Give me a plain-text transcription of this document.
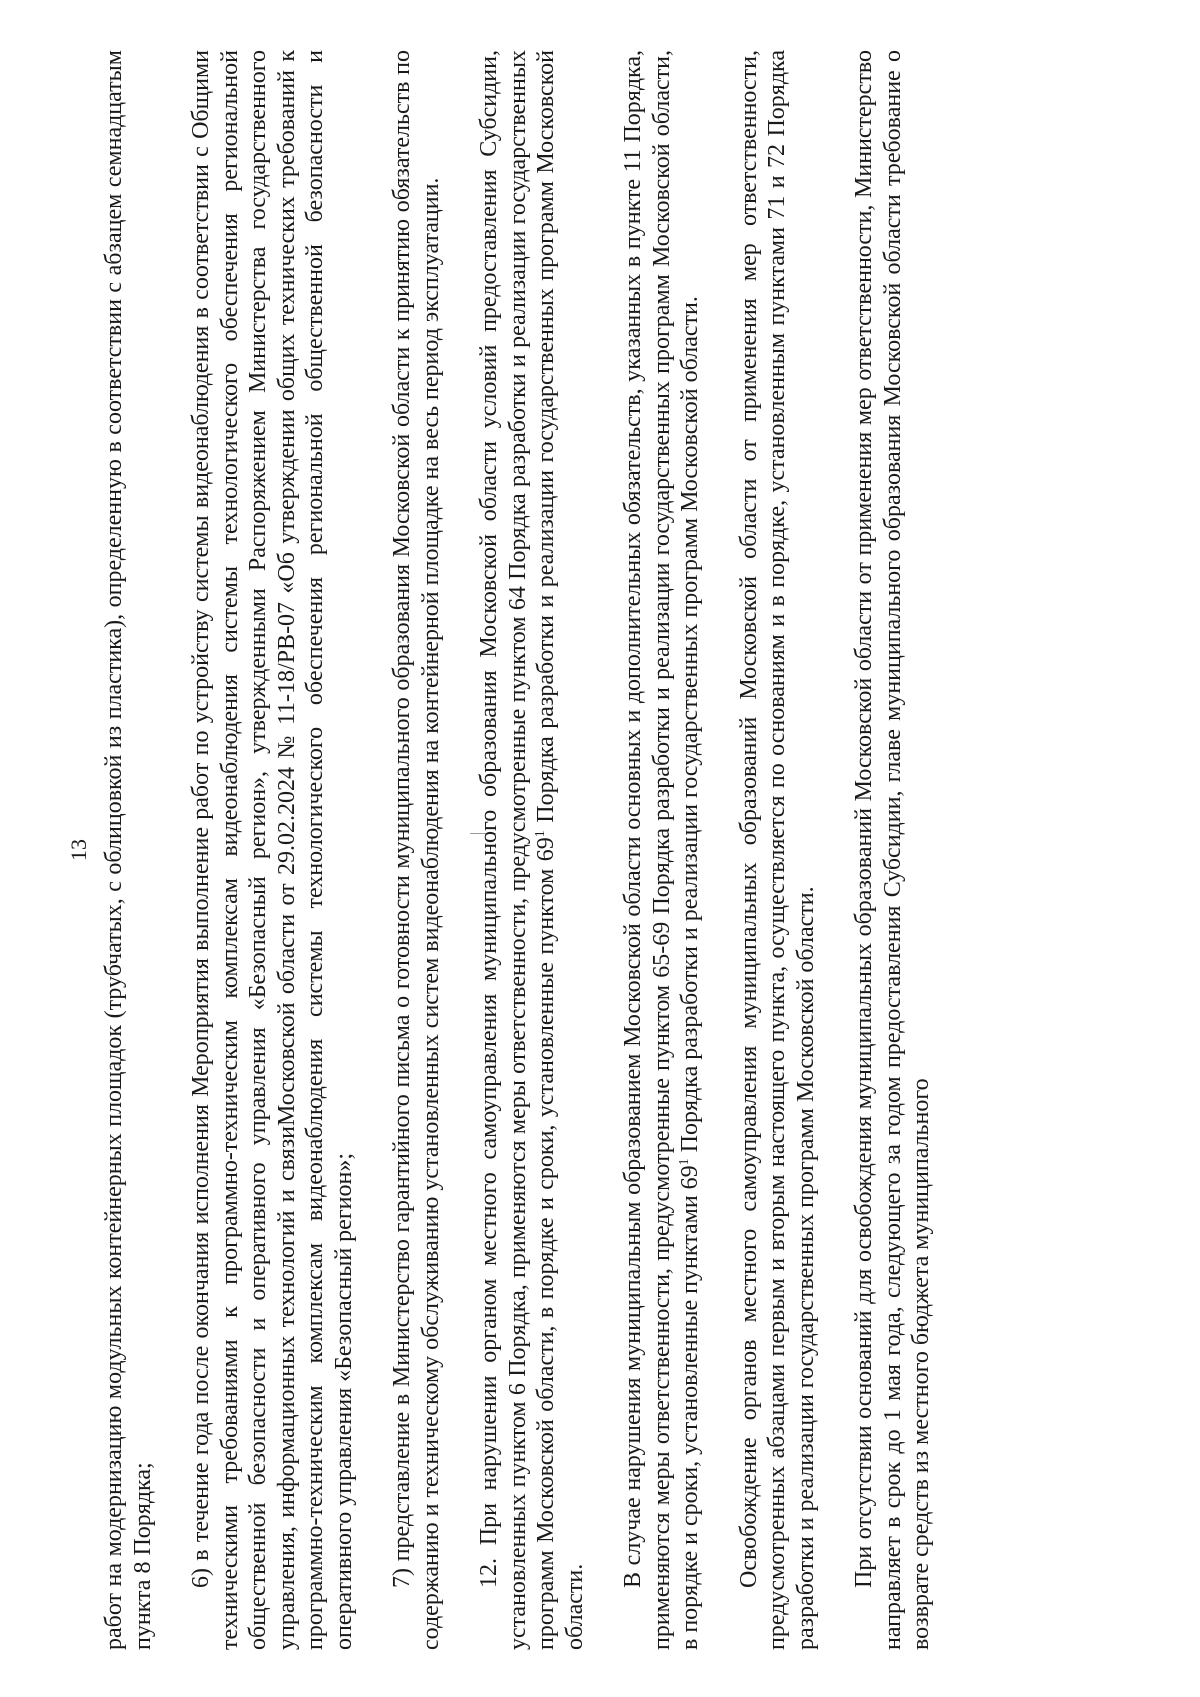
13 работ на модернизацию модульных контейнерных площадок (трубчатых, с облицовкой из пластика), определенную в соответствии с абзацем семнадцатым пункта 8 Порядка; 6) в течение года после окончания исполнения Мероприятия выполнение работ по устройству системы видеонаблюдения в соответствии с Общими техническими требованиями к программно-техническим комплексам видеонаблюдения системы технологического обеспечения региональной общественной безопасности и оперативного управления «Безопасный регион», утвержденными Распоряжением Министерства государственного управления, информационных технологий и связиМосковской области от 29.02.2024 № 11-18/РВ-07 «Об утверждении общих технических требований к программно-техническим комплексам видеонаблюдения системы технологического обеспечения региональной общественной безопасности и оперативного управления «Безопасный регион»; 7) представление в Министерство гарантийного письма о готовности муниципального образования Московской области к принятию обязательств по содержанию и техническому обслуживанию установленных систем видеонаблюдения на контейнерной площадке на весь период эксплуатации. 12. При нарушении органом местного самоуправления муниципального образования Московской области условий предоставления Субсидии, установленных пунктом 6 Порядка, применяются меры ответственности, предусмотренные пунктом 64 Порядка разработки и реализации государственных программ Московской области, в порядке и сроки, установленные пунктом $69^1$ Порядка разработки и реализации государственных программ Московской области.

В случае нарушения муниципальным образованием Московской области основных и дополнительных обязательств, указанных в пункте 11 Порядка, применяются меры ответственности, предусмотренные пунктом 65-69 Порядка разработки и реализации государственных программ Московской области, в порядке и сроки, установленные пунктами $69^1$ Порядка разработки и реализации государственных программ Московской области. Освобождение органов местного самоуправления муниципальных образований Московской области от применения мер ответственности, предусмотренных абзацами первым и вторым настоящего пункта, осуществляется по основаниям и в порядке, установленным пунктами 71 и 72 Порядка разработки и реализации государственных программ Московской области. При отсутствии оснований для освобождения муниципальных образований Московской области от применения мер ответственности, Министерство направляет в срок до 1 мая года, следующего за годом предоставления Субсидии, главе муниципального образования Московской области требование о возврате средств из местного бюджета муниципального
